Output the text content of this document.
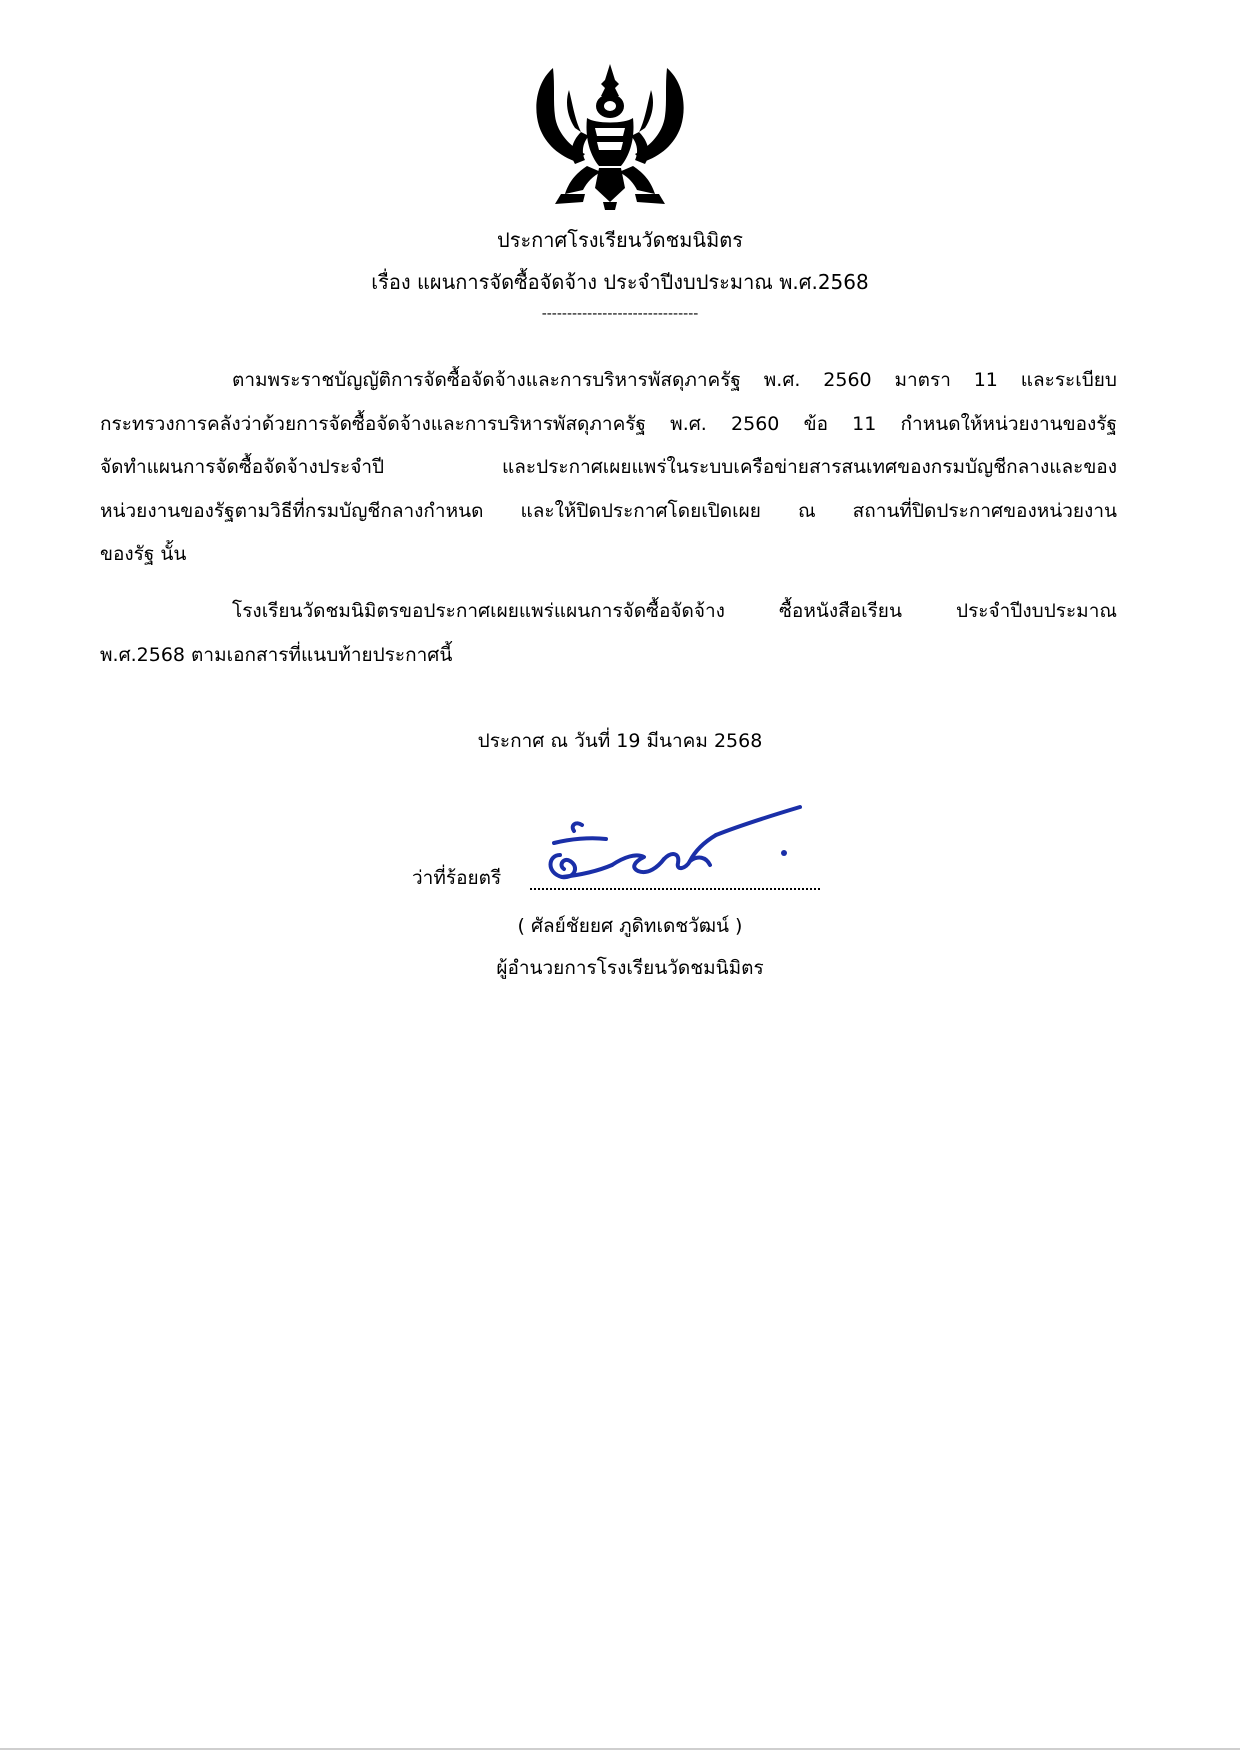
ประกาศโรงเรียนวัดชมนิมิตร
เรื่อง แผนการจัดซื้อจัดจ้าง ประจำปีงบประมาณ พ.ศ.2568
-------------------------------
ตามพระราชบัญญัติการจัดซื้อจัดจ้างและการบริหารพัสดุภาครัฐ พ.ศ. 2560 มาตรา 11 และระเบียบ
กระทรวงการคลังว่าด้วยการจัดซื้อจัดจ้างและการบริหารพัสดุภาครัฐ พ.ศ. 2560 ข้อ 11 กำหนดให้หน่วยงานของรัฐ
จัดทำแผนการจัดซื้อจัดจ้างประจำปี และประกาศเผยแพร่ในระบบเครือข่ายสารสนเทศของกรมบัญชีกลางและของ
หน่วยงานของรัฐตามวิธีที่กรมบัญชีกลางกำหนด และให้ปิดประกาศโดยเปิดเผย ณ สถานที่ปิดประกาศของหน่วยงาน
ของรัฐ นั้น
โรงเรียนวัดชมนิมิตรขอประกาศเผยแพร่แผนการจัดซื้อจัดจ้าง ซื้อหนังสือเรียน ประจำปีงบประมาณ
พ.ศ.2568 ตามเอกสารที่แนบท้ายประกาศนี้
ประกาศ ณ วันที่ 19 มีนาคม 2568
ว่าที่ร้อยตรี
( ศัลย์ชัยยศ ภูดิทเดชวัฒน์ )
ผู้อำนวยการโรงเรียนวัดชมนิมิตร
